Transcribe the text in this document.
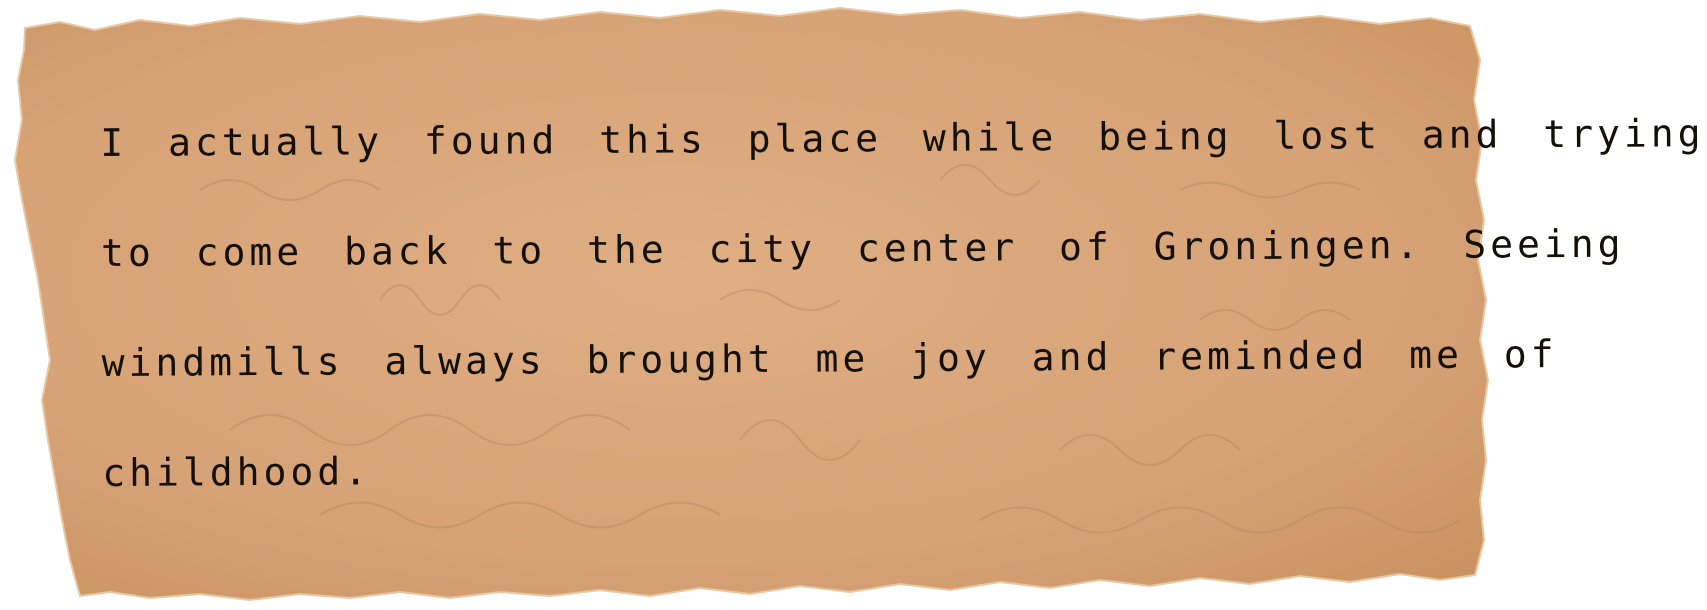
I actually found this place while being lost and trying
to come back to the city center of Groningen. Seeing
windmills always brought me joy and reminded me of
childhood.
